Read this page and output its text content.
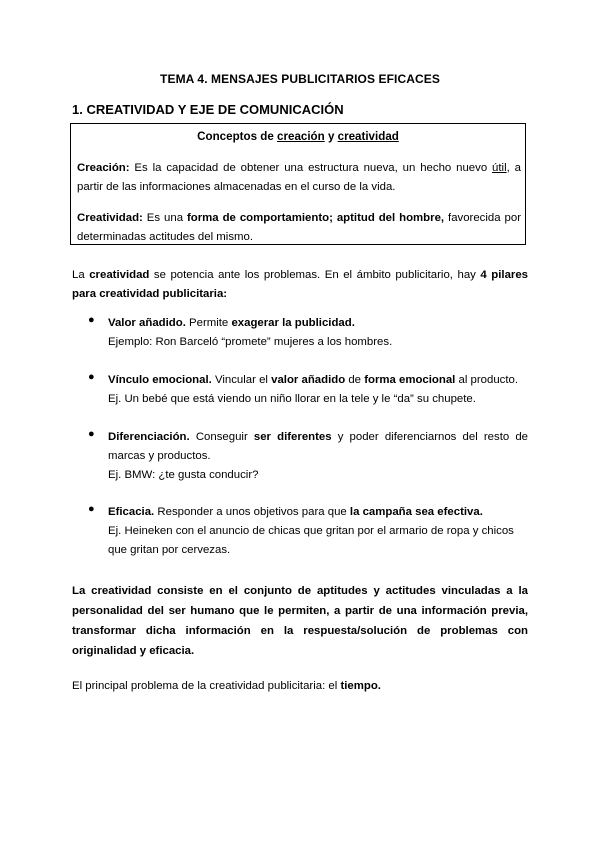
TEMA 4. MENSAJES PUBLICITARIOS EFICACES
1. CREATIVIDAD Y EJE DE COMUNICACIÓN
Conceptos de creación y creatividad
Creación: Es la capacidad de obtener una estructura nueva, un hecho nuevo útil, a partir de las informaciones almacenadas en el curso de la vida.
Creatividad: Es una forma de comportamiento; aptitud del hombre, favorecida por determinadas actitudes del mismo.
La creatividad se potencia ante los problemas. En el ámbito publicitario, hay 4 pilares para creatividad publicitaria:
● Valor añadido. Permite exagerar la publicidad.
Ejemplo: Ron Barceló “promete” mujeres a los hombres.
● Vínculo emocional. Vincular el valor añadido de forma emocional al producto.
Ej. Un bebé que está viendo un niño llorar en la tele y le “da” su chupete.
● Diferenciación. Conseguir ser diferentes y poder diferenciarnos del resto de marcas y productos.
Ej. BMW: ¿te gusta conducir?
● Eficacia. Responder a unos objetivos para que la campaña sea efectiva.
Ej. Heineken con el anuncio de chicas que gritan por el armario de ropa y chicos que gritan por cervezas.
La creatividad consiste en el conjunto de aptitudes y actitudes vinculadas a la personalidad del ser humano que le permiten, a partir de una información previa, transformar dicha información en la respuesta/solución de problemas con originalidad y eficacia.
El principal problema de la creatividad publicitaria: el tiempo.
